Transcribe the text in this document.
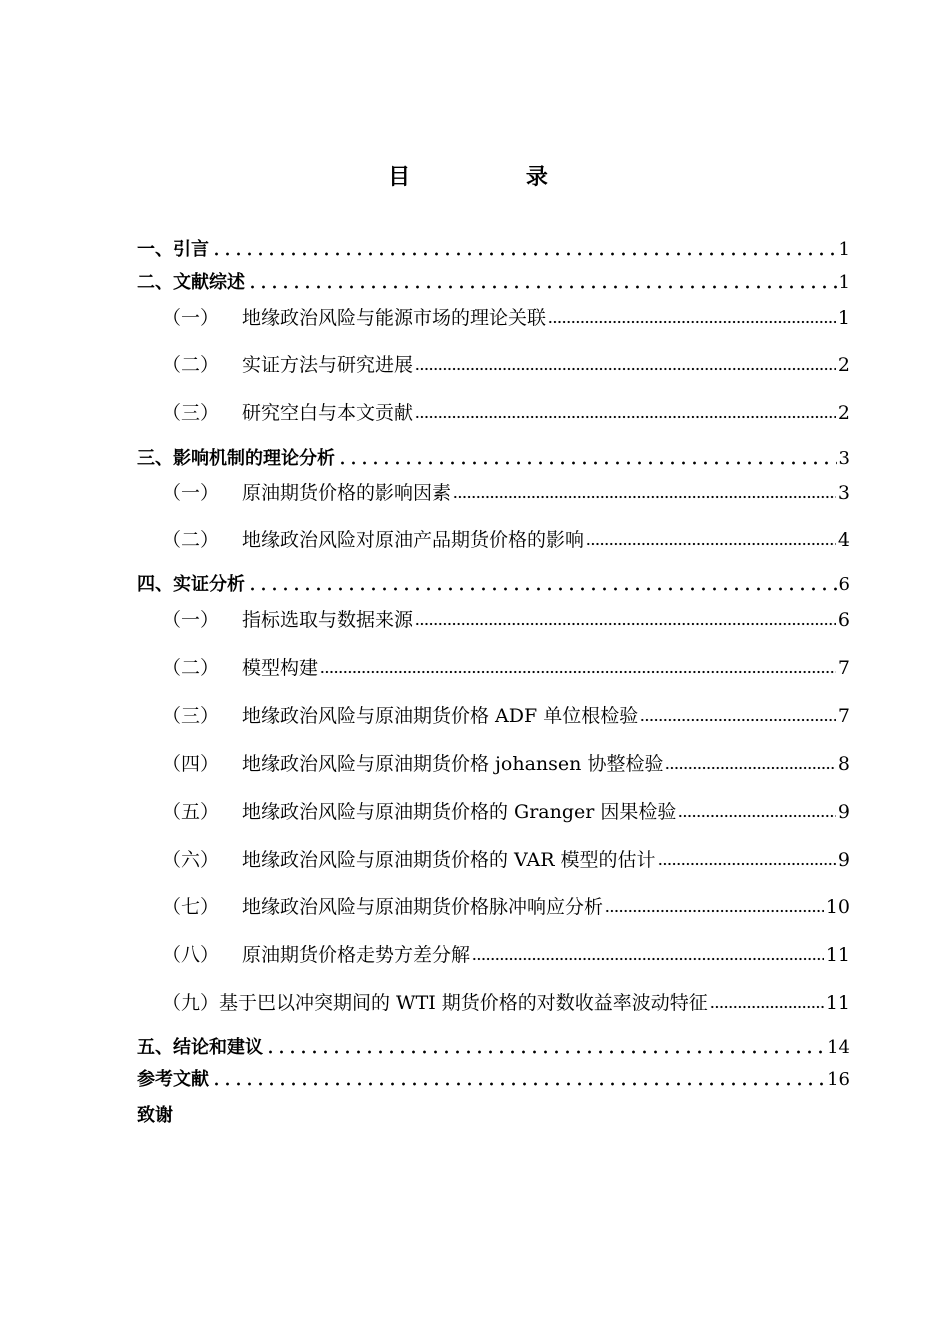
目 录
一、引言	1
二、文献综述	1
（一）	地缘政治风险与能源市场的理论关联	1
（二）	实证方法与研究进展	2
（三）	研究空白与本文贡献	2
三、影响机制的理论分析	3
（一）	原油期货价格的影响因素	3
（二）	地缘政治风险对原油产品期货价格的影响	4
四、实证分析	6
（一）	指标选取与数据来源	6
（二）	模型构建	7
（三）	地缘政治风险与原油期货价格 ADF 单位根检验	7
（四）	地缘政治风险与原油期货价格 johansen 协整检验	8
（五）	地缘政治风险与原油期货价格的 Granger 因果检验	9
（六）	地缘政治风险与原油期货价格的 VAR 模型的估计	9
（七）	地缘政治风险与原油期货价格脉冲响应分析	10
（八）	原油期货价格走势方差分解	11
（九） 基于巴以冲突期间的 WTI 期货价格的对数收益率波动特征	11
五、结论和建议	14
参考文献	16
致谢
